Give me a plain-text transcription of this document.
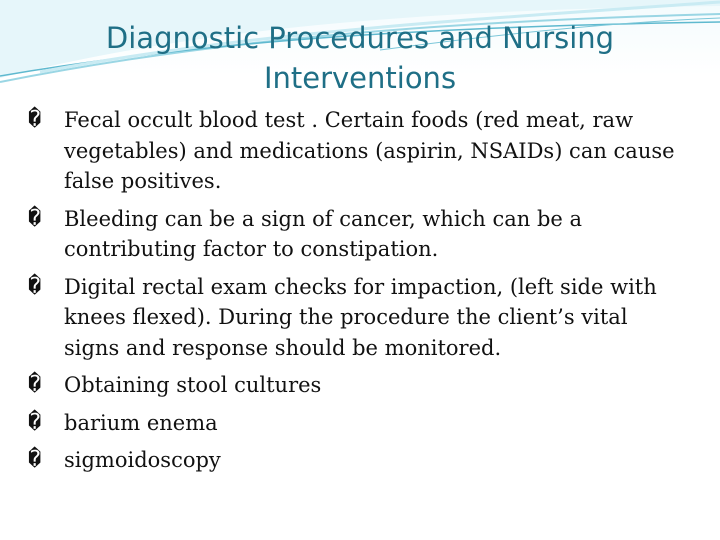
Diagnostic Procedures and Nursing
Interventions
�	Fecal occult blood test . Certain foods (red meat, raw vegetables) and medications (aspirin, NSAIDs) can cause false positives.
�	Bleeding can be a sign of cancer, which can be a contributing factor to constipation.
�	Digital rectal exam checks for impaction, (left side with knees flexed). During the procedure the client’s vital signs and response should be monitored.
�	Obtaining stool cultures
�	barium enema
�	sigmoidoscopy
